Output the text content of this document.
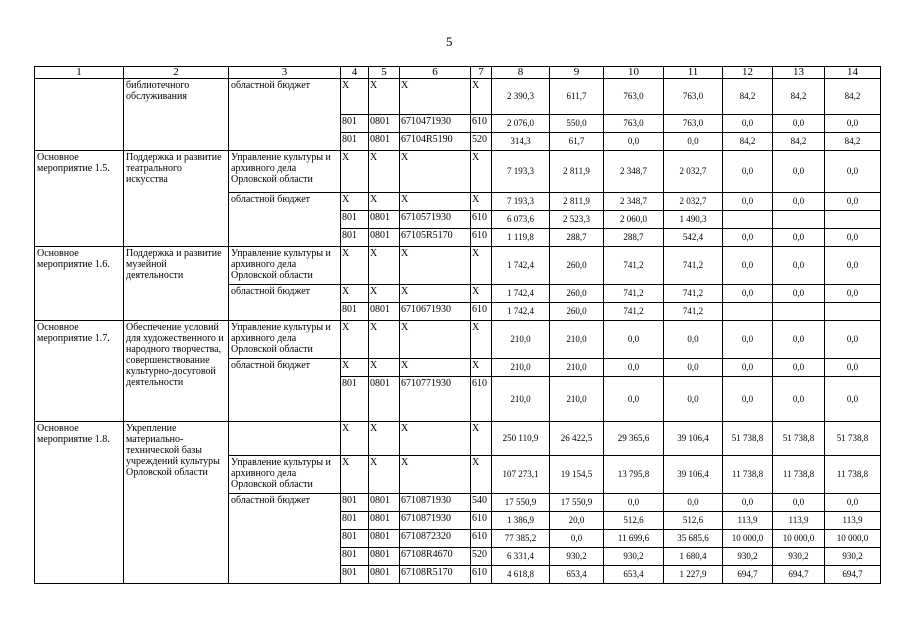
5
1	2	3	4	5	6	7	8	9	10	11	12	13	14
	библиотечного обслуживания	областной бюджет	X	X	X	X	2 390,3	611,7	763,0	763,0	84,2	84,2	84,2
			801	0801	6710471930	610	2 076,0	550,0	763,0	763,0	0,0	0,0	0,0
			801	0801	67104R5190	520	314,3	61,7	0,0	0,0	84,2	84,2	84,2
Основное мероприятие 1.5.	Поддержка и развитие театрального искусства	Управление культуры и архивного дела Орловской области	X	X	X	X	7 193,3	2 811,9	2 348,7	2 032,7	0,0	0,0	0,0
		областной бюджет	X	X	X	X	7 193,3	2 811,9	2 348,7	2 032,7	0,0	0,0	0,0
			801	0801	6710571930	610	6 073,6	2 523,3	2 060,0	1 490,3			
			801	0801	67105R5170	610	1 119,8	288,7	288,7	542,4	0,0	0,0	0,0
Основное мероприятие 1.6.	Поддержка и развитие музейной деятельности	Управление культуры и архивного дела Орловской области	X	X	X	X	1 742,4	260,0	741,2	741,2	0,0	0,0	0,0
		областной бюджет	X	X	X	X	1 742,4	260,0	741,2	741,2	0,0	0,0	0,0
			801	0801	6710671930	610	1 742,4	260,0	741,2	741,2			
Основное мероприятие 1.7.	Обеспечение условий для художественного и народного творчества, совершенствование культурно-досуговой деятельности	Управление культуры и архивного дела Орловской области	X	X	X	X	210,0	210,0	0,0	0,0	0,0	0,0	0,0
		областной бюджет	X	X	X	X	210,0	210,0	0,0	0,0	0,0	0,0	0,0
			801	0801	6710771930	610	210,0	210,0	0,0	0,0	0,0	0,0	0,0
Основное мероприятие 1.8.	Укрепление материально-технической базы учреждений культуры Орловской области		X	X	X	X	250 110,9	26 422,5	29 365,6	39 106,4	51 738,8	51 738,8	51 738,8
		Управление культуры и архивного дела Орловской области	X	X	X	X	107 273,1	19 154,5	13 795,8	39 106,4	11 738,8	11 738,8	11 738,8
		областной бюджет	801	0801	6710871930	540	17 550,9	17 550,9	0,0	0,0	0,0	0,0	0,0
			801	0801	6710871930	610	1 386,9	20,0	512,6	512,6	113,9	113,9	113,9
			801	0801	6710872320	610	77 385,2	0,0	11 699,6	35 685,6	10 000,0	10 000,0	10 000,0
			801	0801	67108R4670	520	6 331,4	930,2	930,2	1 680,4	930,2	930,2	930,2
			801	0801	67108R5170	610	4 618,8	653,4	653,4	1 227,9	694,7	694,7	694,7
